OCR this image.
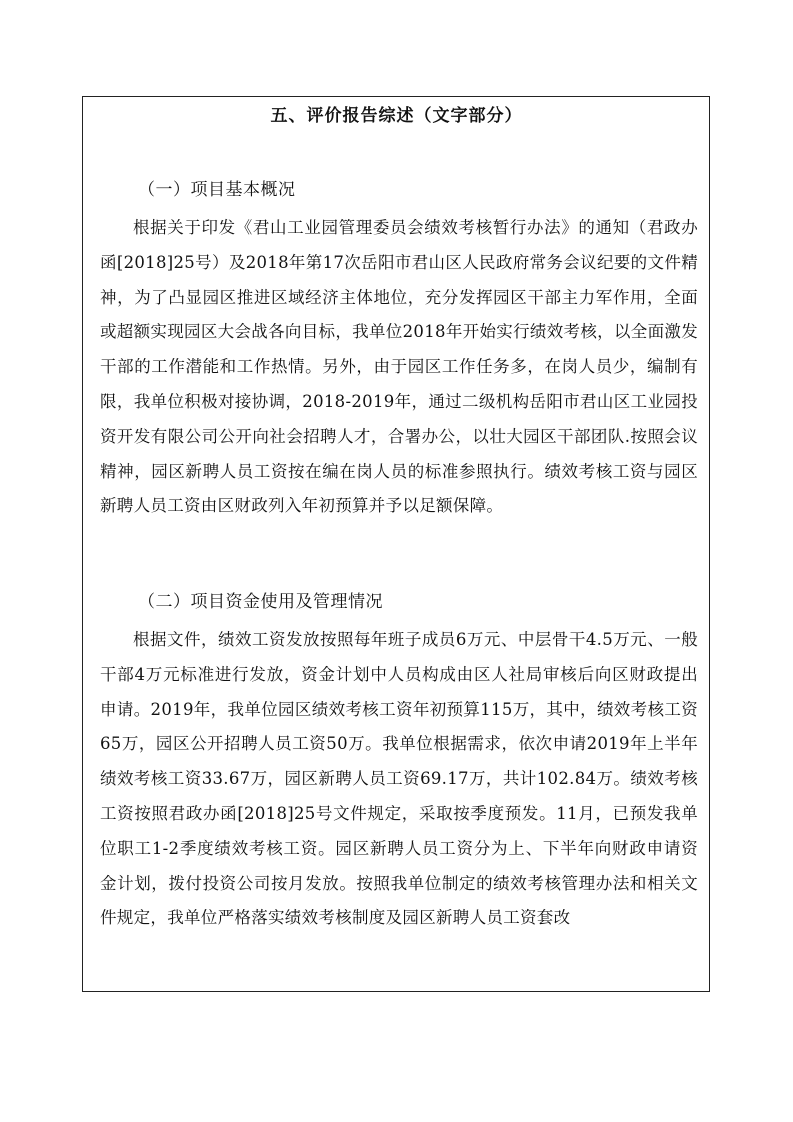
五、评价报告综述（文字部分）
（一）项目基本概况

根据关于印发《君山工业园管理委员会绩效考核暂行办法》的通知（君政办函[2018]25号）及2018年第17次岳阳市君山区人民政府常务会议纪要的文件精神，为了凸显园区推进区域经济主体地位，充分发挥园区干部主力军作用，全面或超额实现园区大会战各向目标，我单位2018年开始实行绩效考核，以全面激发干部的工作潜能和工作热情。另外，由于园区工作任务多，在岗人员少，编制有限，我单位积极对接协调，2018-2019年，通过二级机构岳阳市君山区工业园投资开发有限公司公开向社会招聘人才，合署办公，以壮大园区干部团队.按照会议精神，园区新聘人员工资按在编在岗人员的标准参照执行。绩效考核工资与园区新聘人员工资由区财政列入年初预算并予以足额保障。

（二）项目资金使用及管理情况

根据文件，绩效工资发放按照每年班子成员6万元、中层骨干4.5万元、一般干部4万元标准进行发放，资金计划中人员构成由区人社局审核后向区财政提出申请。2019年，我单位园区绩效考核工资年初预算115万，其中，绩效考核工资65万，园区公开招聘人员工资50万。我单位根据需求，依次申请2019年上半年绩效考核工资33.67万，园区新聘人员工资69.17万，共计102.84万。绩效考核工资按照君政办函[2018]25号文件规定，采取按季度预发。11月，已预发我单位职工1-2季度绩效考核工资。园区新聘人员工资分为上、下半年向财政申请资金计划，拨付投资公司按月发放。按照我单位制定的绩效考核管理办法和相关文件规定，我单位严格落实绩效考核制度及园区新聘人员工资套改
